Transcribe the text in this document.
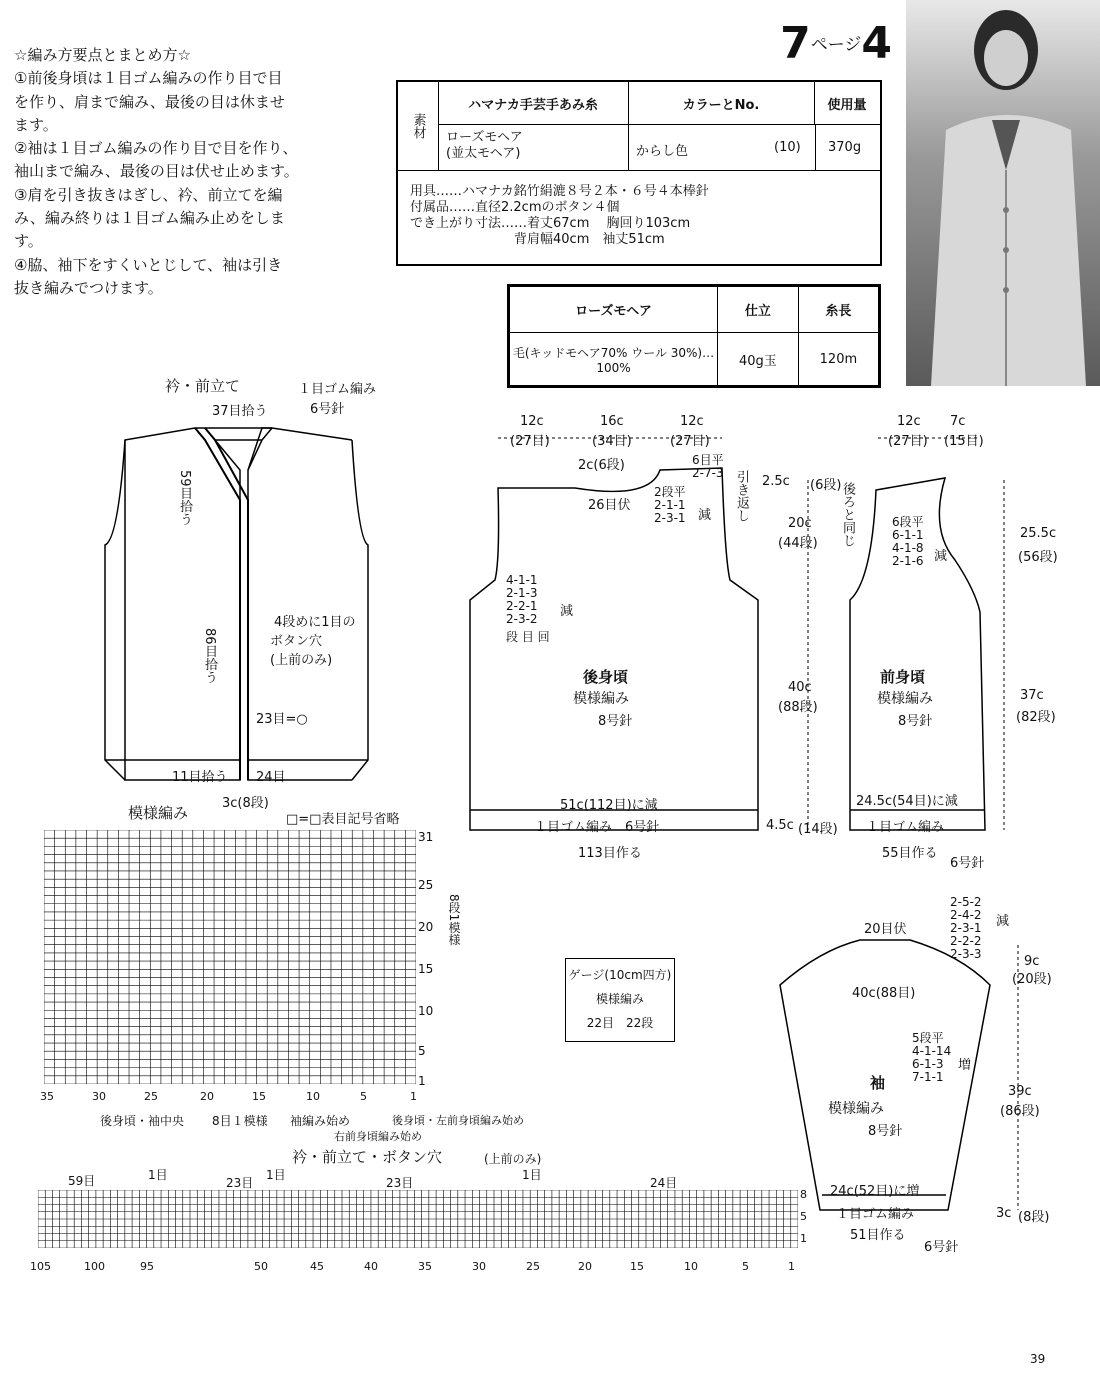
☆編み方要点とまとめ方☆
①前後身頃は１目ゴム編みの作り目で目
を作り、肩まで編み、最後の目は休ませ
ます。
②袖は１目ゴム編みの作り目で目を作り、
袖山まで編み、最後の目は伏せ止めます。
③肩を引き抜きはぎし、衿、前立てを編
み、編み終りは１目ゴム編み止めをしま
す。
④脇、袖下をすくいとじして、袖は引き
抜き編みでつけます。
7ページ4
素材
ハマナカ手芸手あみ糸	カラーとNo.	使用量
ローズモヘア
(並太モヘア)	からし色	(10) 370g
用具……ハマナカ銘竹絹漉８号２本・６号４本棒針
付属品……直径2.2cmのボタン４個
でき上がり寸法……着丈67cm　 胸回り103cm
背肩幅40cm　袖丈51cm
ローズモヘア	仕立	糸長
毛(キッドモヘア70% ウール 30%)…100%	40g玉	120m
衿・前立て	１目ゴム編み
6号針
37目拾う
59目拾う
86目拾う
4段めに1目の
ボタン穴
(上前のみ)
23目=○
11目拾う 24目
3c(8段)
12c
(27目)
16c
(34目)
12c
(27目)
2c(6段)
26目伏
2段平
2-1-1
2-3-1 減
6目平
2-7-3 引き返し
4-1-1
2-1-3
2-2-1
2-3-2 減
段 目 回
後身頃
模様編み
8号針
51c(112目)に減
１目ゴム編み　6号針
113目作る
2.5c (6段)
20c
(44段)
40c
(88段)
4.5c (14段)
12c
(27目)
7c
(15目)
後ろと同じ	6段平
6-1-1
4-1-8
2-1-6 減
25.5c
(56段)
前身頃
模様編み
8号針
37c
(82段)
24.5c(54目)に減
１目ゴム編み
55目作る
6号針
ゲージ(10cm四方)
模様編み
22目　22段
20目伏
2-5-2
2-4-2
2-3-1
2-2-2
2-3-3
減
9c
(20段)
40c(88目)
5段平
4-1-14
6-1-3
7-1-1
増
袖
模様編み
8号針
39c
(86段)
24c(52目)に増
１目ゴム編み
51目作る
6号針
3c (8段)
模様編み	□=□表目記号省略
31
25
20
15
10
5
1
8段1模様
35	30	25	20	15	10	5	1
後身頃・袖中央 8目１模様 袖編み始め	後身頃・左前身頃編み始め
右前身頃編み始め
衿・前立て・ボタン穴	(上前のみ)
59目	1目
23目
1目
23目
1目
24目
8
5
1
105	100	95	50	45	40	35	30	25	20	15	10	5	1
39
